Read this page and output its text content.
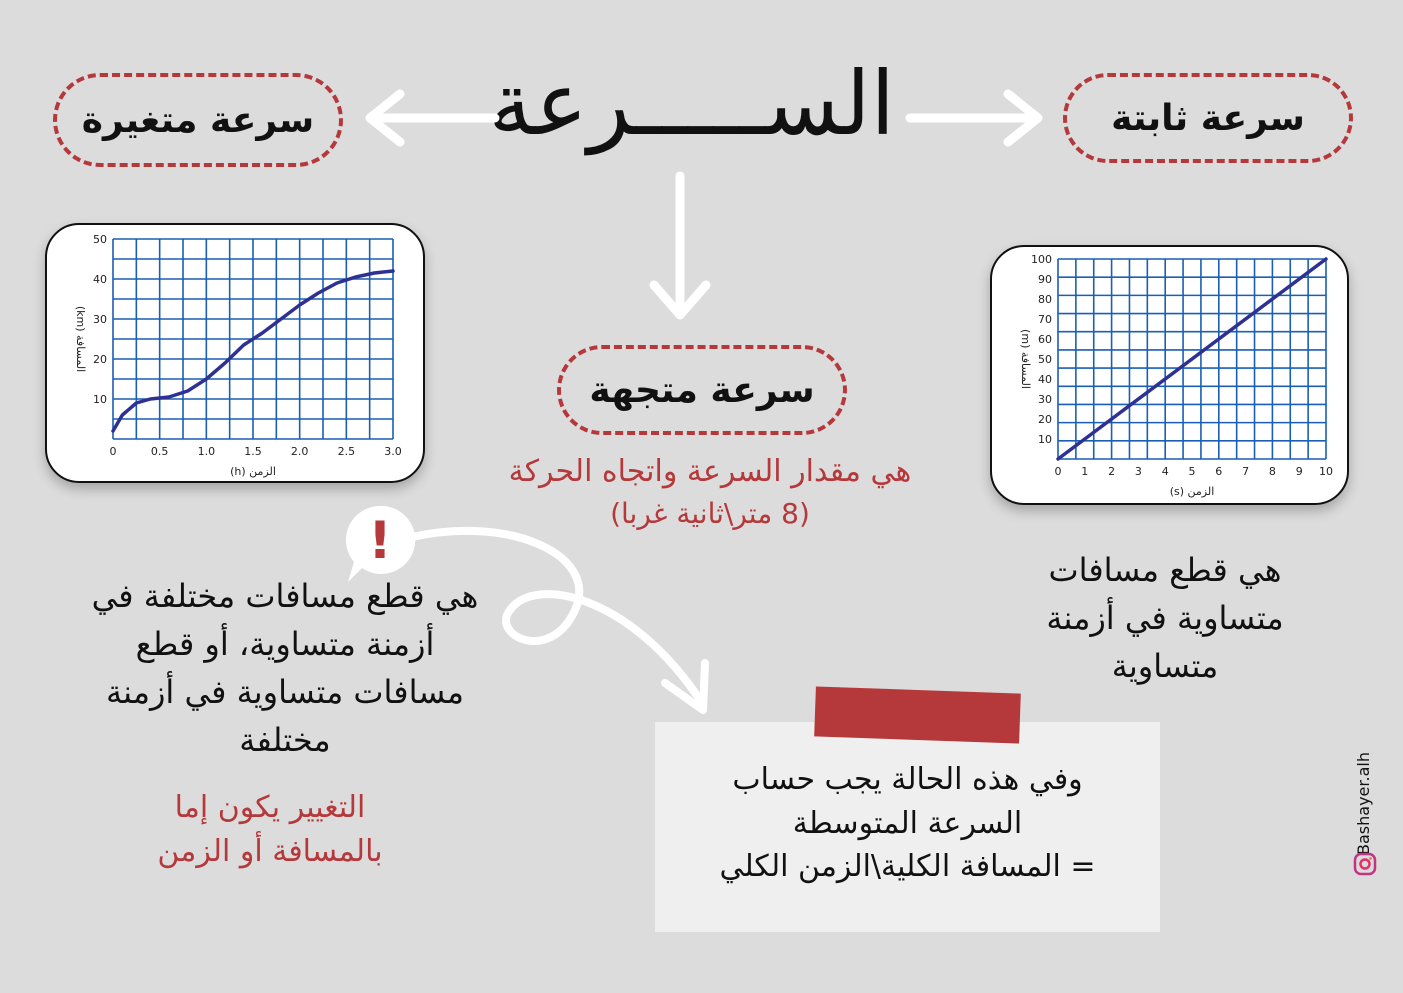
الســـــرعة
سرعة متغيرة	سرعة ثابتة
سرعة متجهة
0	0.5	1.0	1.5	2.0	2.5	3.0
10
20
30
40
50
الزمن (h)
المسافة (km)
0 1 2 3 4 5 6 7 8 9 10
10
20
30
40
50
60
70
80
90
100
الزمن (s)
المسافة (m)
هي مقدار السرعة واتجاه الحركة
(8 متر\ثانية غربا)
هي قطع مسافات
متساوية في أزمنة
متساوية
!
هي قطع مسافات مختلفة في
أزمنة متساوية، أو قطع
مسافات متساوية في أزمنة
مختلفة
التغيير يكون إما
بالمسافة أو الزمن
وفي هذه الحالة يجب حساب
السرعة المتوسطة
= المسافة الكلية\الزمن الكلي
Bashayer.alh
